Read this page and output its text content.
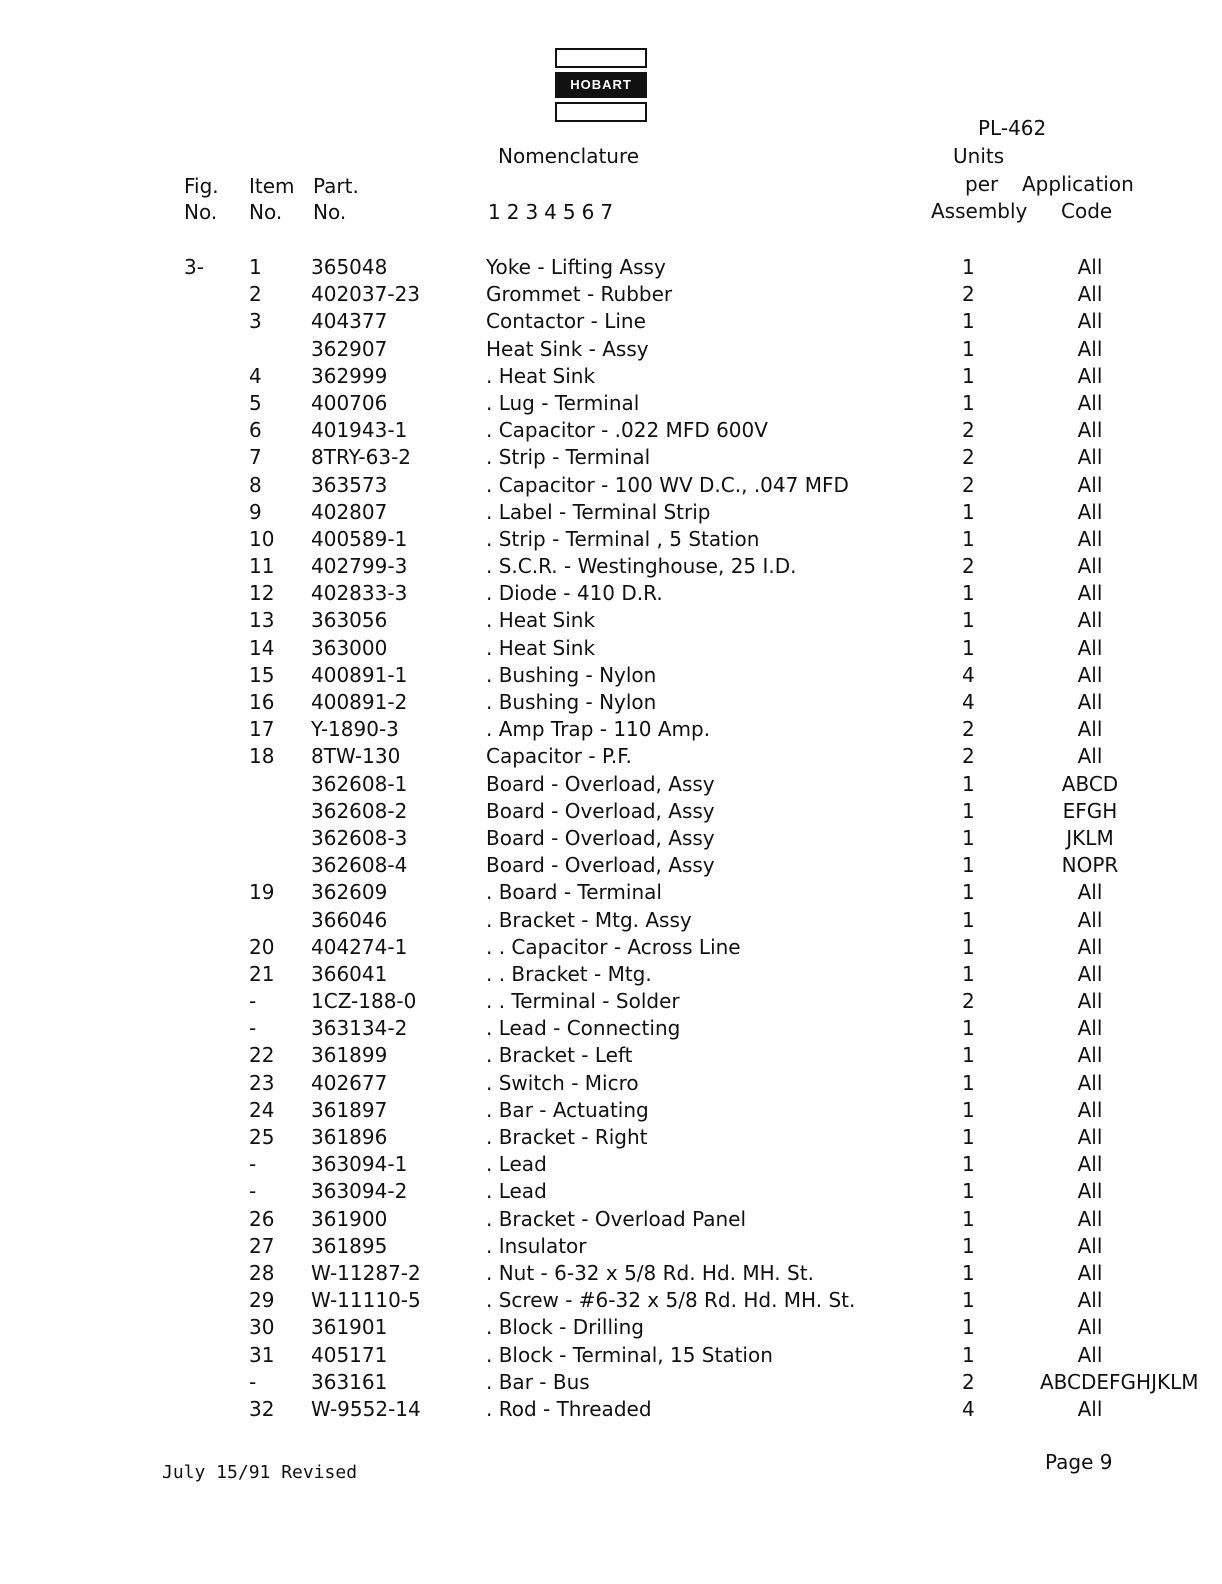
HOBART
PL-462
Nomenclature	Units
Fig. Item Part.	per Application
No. No. No.	1234567	Assembly Code
3- 1 365048	Yoke - Lifting Assy	1	All
2 402037-23	Grommet - Rubber	2	All
3 404377	Contactor - Line	1	All
362907	Heat Sink - Assy	1	All
4 362999	. Heat Sink	1	All
5 400706	. Lug - Terminal	1	All
6 401943-1	. Capacitor - .022 MFD 600V	2	All
7 8TRY-63-2	. Strip - Terminal	2	All
8 363573	. Capacitor - 100 WV D.C., .047 MFD	2	All
9 402807	. Label - Terminal Strip	1	All
10 400589-1	. Strip - Terminal , 5 Station	1	All
11 402799-3	. S.C.R. - Westinghouse, 25 I.D.	2	All
12 402833-3	. Diode - 410 D.R.	1	All
13 363056	. Heat Sink	1	All
14 363000	. Heat Sink	1	All
15 400891-1	. Bushing - Nylon	4	All
16 400891-2	. Bushing - Nylon	4	All
17 Y-1890-3	. Amp Trap - 110 Amp.	2	All
18 8TW-130	Capacitor - P.F.	2	All
362608-1	Board - Overload, Assy	1	ABCD
362608-2	Board - Overload, Assy	1	EFGH
362608-3	Board - Overload, Assy	1	JKLM
362608-4	Board - Overload, Assy	1	NOPR
19 362609	. Board - Terminal	1	All
366046	. Bracket - Mtg. Assy	1	All
20 404274-1	. . Capacitor - Across Line	1	All
21 366041	. . Bracket - Mtg.	1	All
-	1CZ-188-0	. . Terminal - Solder	2	All
-	363134-2	. Lead - Connecting	1	All
22 361899	. Bracket - Left	1	All
23 402677	. Switch - Micro	1	All
24 361897	. Bar - Actuating	1	All
25 361896	. Bracket - Right	1	All
-	363094-1	. Lead	1	All
-	363094-2	. Lead	1	All
26 361900	. Bracket - Overload Panel	1	All
27 361895	. Insulator	1	All
28 W-11287-2	. Nut - 6-32 x 5/8 Rd. Hd. MH. St.	1	All
29 W-11110-5	. Screw - #6-32 x 5/8 Rd. Hd. MH. St.	1	All
30 361901	. Block - Drilling	1	All
31 405171	. Block - Terminal, 15 Station	1	All
-	363161	. Bar - Bus	2	ABCDEFGHJKLM
32 W-9552-14	. Rod - Threaded	4	All
July 15/91 Revised	Page 9
